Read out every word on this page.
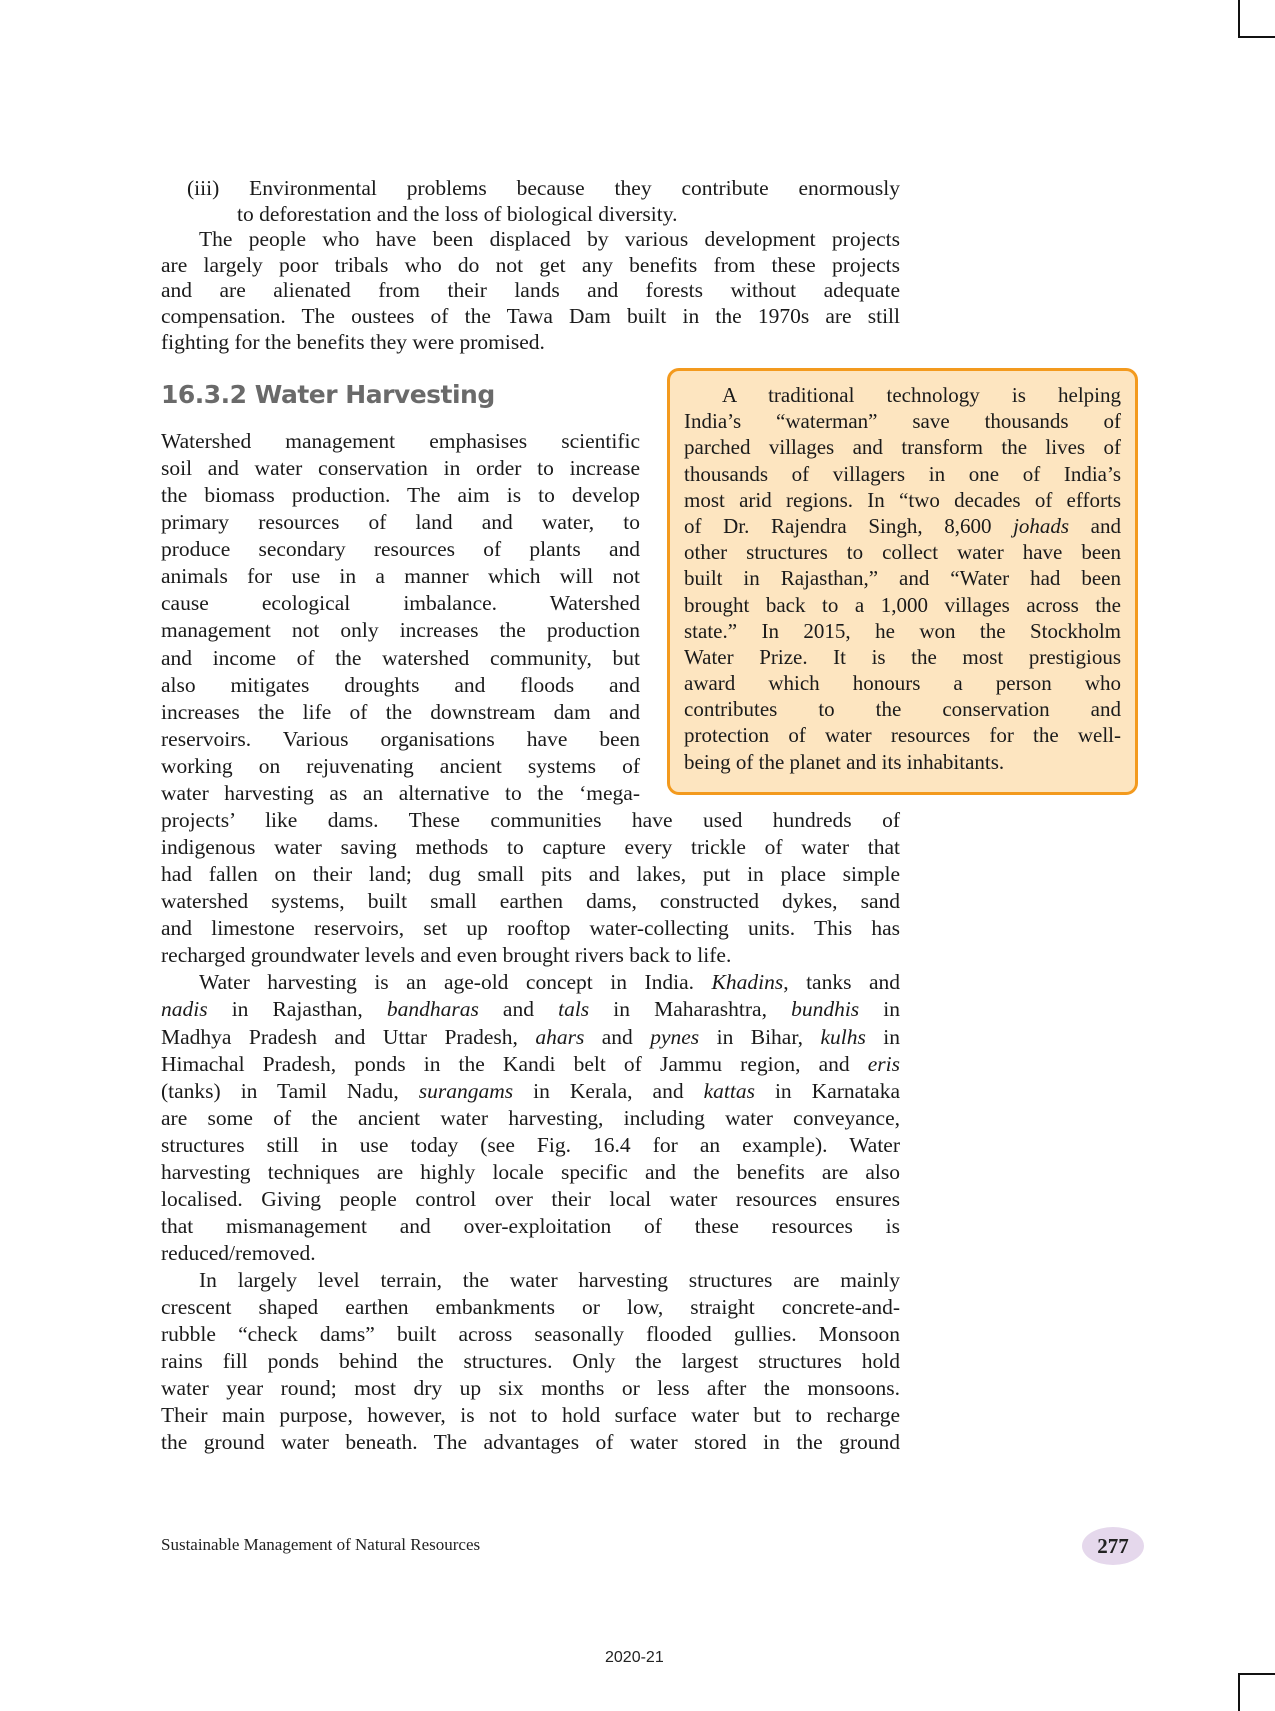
(iii) Environmental problems because they contribute enormously
to deforestation and the loss of biological diversity.
The people who have been displaced by various development projects
are largely poor tribals who do not get any benefits from these projects
and are alienated from their lands and forests without adequate
compensation. The oustees of the Tawa Dam built in the 1970s are still
fighting for the benefits they were promised.
16.3.2 Water Harvesting	A traditional technology is helping
India’s “waterman” save thousands of
parched villages and transform the lives of
thousands of villagers in one of India’s
most arid regions. In “two decades of efforts
of Dr. Rajendra Singh, 8,600 johads and
other structures to collect water have been
built in Rajasthan,” and “Water had been
brought back to a 1,000 villages across the
state.” In 2015, he won the Stockholm
Water Prize. It is the most prestigious
award which honours a person who
contributes to the conservation and
protection of water resources for the well-
being of the planet and its inhabitants.
Watershed management emphasises scientific
soil and water conservation in order to increase
the biomass production. The aim is to develop
primary resources of land and water, to
produce secondary resources of plants and
animals for use in a manner which will not
cause ecological imbalance. Watershed
management not only increases the production
and income of the watershed community, but
also mitigates droughts and floods and
increases the life of the downstream dam and
reservoirs. Various organisations have been
working on rejuvenating ancient systems of
water harvesting as an alternative to the ‘mega-
projects’ like dams. These communities have used hundreds of
indigenous water saving methods to capture every trickle of water that
had fallen on their land; dug small pits and lakes, put in place simple
watershed systems, built small earthen dams, constructed dykes, sand
and limestone reservoirs, set up rooftop water-collecting units. This has
recharged groundwater levels and even brought rivers back to life.
Water harvesting is an age-old concept in India. Khadins, tanks and
nadis in Rajasthan, bandharas and tals in Maharashtra, bundhis in
Madhya Pradesh and Uttar Pradesh, ahars and pynes in Bihar, kulhs in
Himachal Pradesh, ponds in the Kandi belt of Jammu region, and eris
(tanks) in Tamil Nadu, surangams in Kerala, and kattas in Karnataka
are some of the ancient water harvesting, including water conveyance,
structures still in use today (see Fig. 16.4 for an example). Water
harvesting techniques are highly locale specific and the benefits are also
localised. Giving people control over their local water resources ensures
that mismanagement and over-exploitation of these resources is
reduced/removed.
In largely level terrain, the water harvesting structures are mainly
crescent shaped earthen embankments or low, straight concrete-and-
rubble “check dams” built across seasonally flooded gullies. Monsoon
rains fill ponds behind the structures. Only the largest structures hold
water year round; most dry up six months or less after the monsoons.
Their main purpose, however, is not to hold surface water but to recharge
the ground water beneath. The advantages of water stored in the ground
Sustainable Management of Natural Resources	277
2020-21
